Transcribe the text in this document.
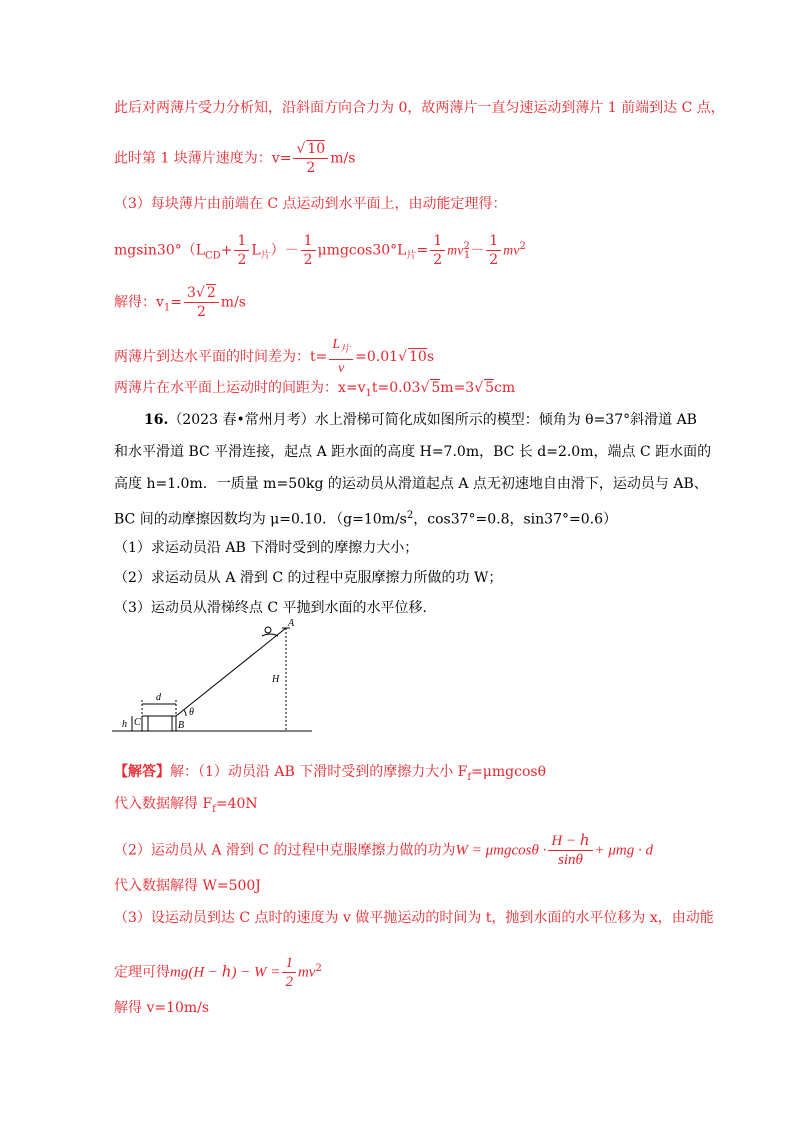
此后对两薄片受力分析知，沿斜面方向合力为 0，故两薄片一直匀速运动到薄片 1 前端到达 C 点，
此时第 1 块薄片速度为：$v= \frac{√ 10}{2} m/s$
（3）每块薄片由前端在 C 点运动到水平面上，由动能定理得：
$mgsin30^\circ(L_{CD}+ \frac{1}{2} L_片)- \frac{1}{2} \mu mgcos30^\circ L_片= \frac{1}{2} mv^2_1- \frac{1}{2} mv^2$
解得：$v_1= \frac{3√ 2}{2} m/s$
两薄片到达水平面的时间差为：$t= \frac{L_片}{v} =0.01√$ 10s
两薄片在水平面上运动时的间距为：$x=v_1t=0.03√$ 5m=3√ 5cm
16.（2023 春•常州月考）水上滑梯可简化成如图所示的模型：倾角为 θ=37°斜滑道 AB
和水平滑道 BC 平滑连接，起点 A 距水面的高度 H=7.0m，BC 长 d=2.0m，端点 C 距水面的
高度 h=1.0m．一质量 m=50kg 的运动员从滑道起点 A 点无初速地自由滑下，运动员与 AB、
BC 间的动摩擦因数均为 μ=0.10．（$g=10m/s^2$，cos37°=0.8，sin37°=0.6）
（1）求运动员沿 AB 下滑时受到的摩擦力大小；
（2）求运动员从 A 滑到 C 的过程中克服摩擦力所做的功 W；
（3）运动员从滑梯终点 C 平抛到水面的水平位移．
A
B
C
H
d
h
θ
【解答】解：（1）动员沿 AB 下滑时受到的摩擦力大小 $F_f=\mu mgcos\theta$
代入数据解得 $F_f=40N$
（2）运动员从 A 滑到 C 的过程中克服摩擦力做的功为$W = \mu mgcos\theta \cdot \frac{\text{H − ℎ}}{\sin\theta} + \mu mg \cdot d$
代入数据解得 W=500J
（3）设运动员到达 C 点时的速度为 v 做平抛运动的时间为 t，抛到水面的水平位移为 x，由动能
定理可得mg(H − ℎ) − $W = \frac{1}{2} mv^2$
解得 v=10m/s
